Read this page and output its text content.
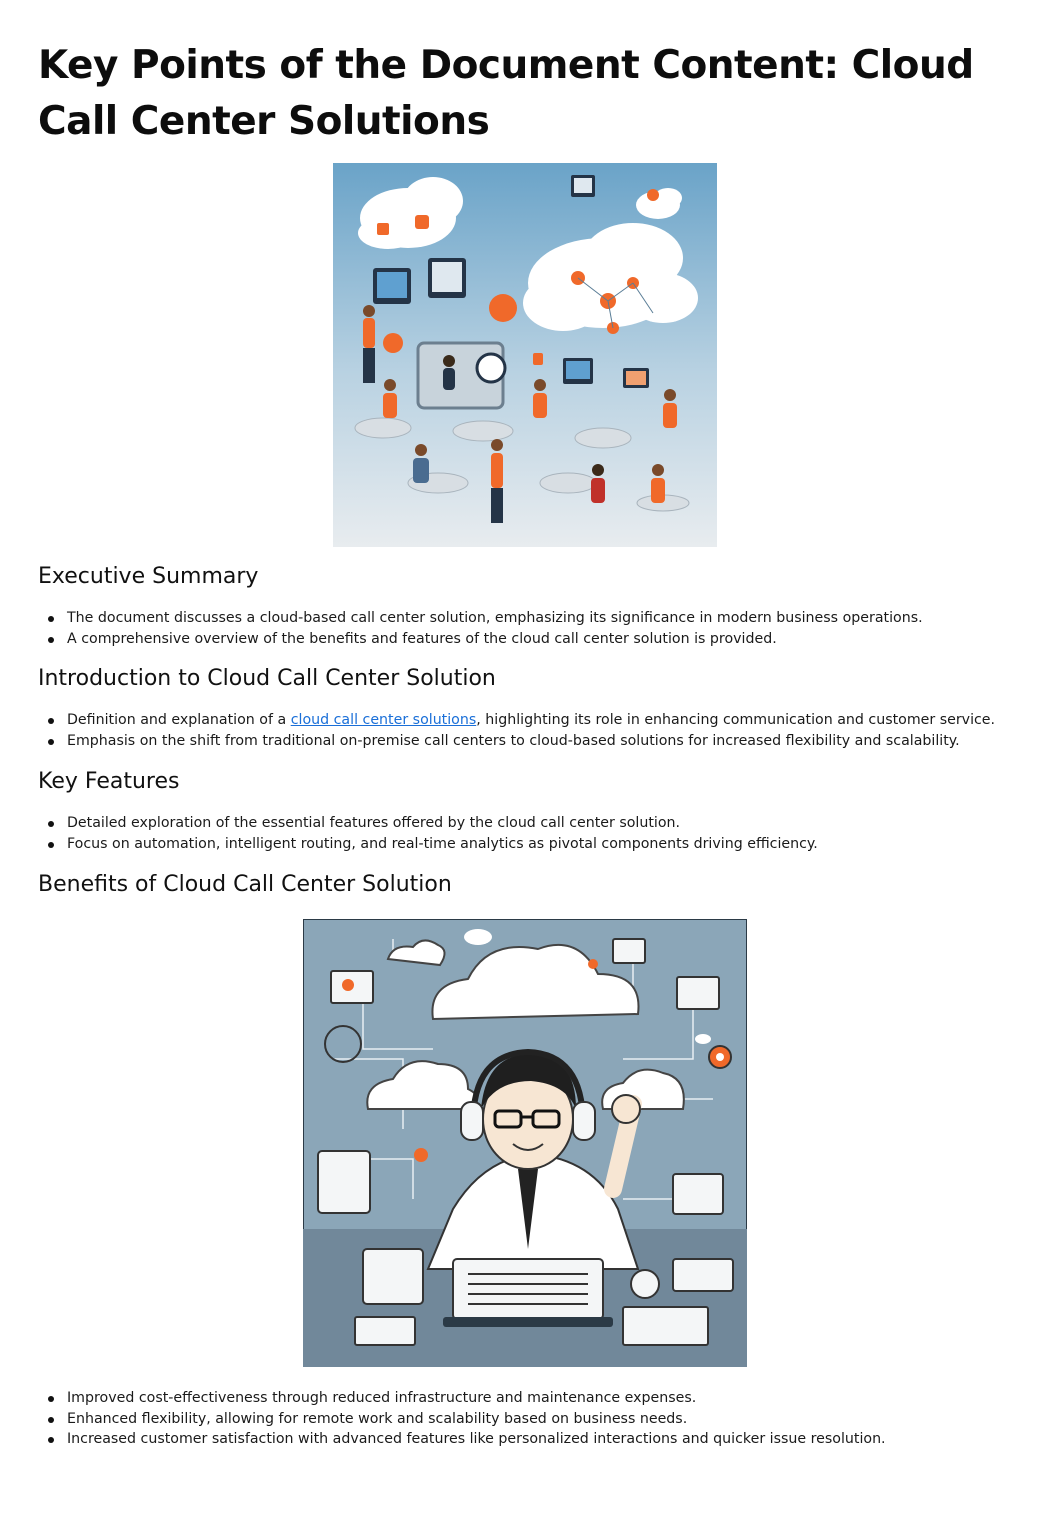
Key Points of the Document Content: Cloud Call Center Solutions
Executive Summary
The document discusses a cloud-based call center solution, emphasizing its significance in modern business operations.
A comprehensive overview of the benefits and features of the cloud call center solution is provided.
Introduction to Cloud Call Center Solution
Definition and explanation of a cloud call center solutions, highlighting its role in enhancing communication and customer service.
Emphasis on the shift from traditional on-premise call centers to cloud-based solutions for increased flexibility and scalability.
Key Features
Detailed exploration of the essential features offered by the cloud call center solution.
Focus on automation, intelligent routing, and real-time analytics as pivotal components driving efficiency.
Benefits of Cloud Call Center Solution
Improved cost-effectiveness through reduced infrastructure and maintenance expenses.
Enhanced flexibility, allowing for remote work and scalability based on business needs.
Increased customer satisfaction with advanced features like personalized interactions and quicker issue resolution.
